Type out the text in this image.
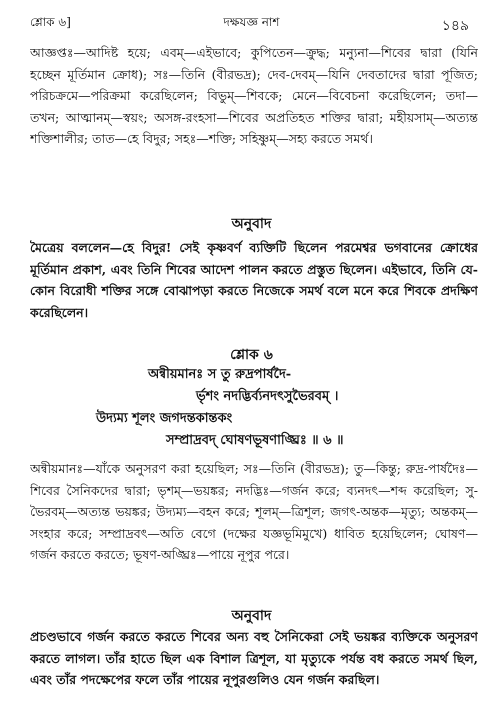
শ্লোক ৬]	দক্ষযজ্ঞ নাশ	১৪৯
আজ্ঞপ্তঃ—আদিষ্ট হয়ে; এবম্—এইভাবে; কুপিতেন—ক্রুদ্ধ; মন্যুনা—শিবের দ্বারা (যিনি হচ্ছেন মূর্তিমান ক্রোধ); সঃ—তিনি (বীরভদ্র); দেব-দেবম্—যিনি দেবতাদের দ্বারা পূজিত; পরিচক্রমে—পরিক্রমা করেছিলেন; বিভুম্—শিবকে; মেনে—বিবেচনা করেছিলেন; তদা—তখন; আত্মানম্—স্বয়ং; অসঙ্গ-রংহসা—শিবের অপ্রতিহত শক্তির দ্বারা; মহীয়সাম্—অত্যন্ত শক্তিশালীর; তাত—হে বিদুর; সহঃ—শক্তি; সহিষ্ণুম্—সহ্য করতে সমর্থ।
অনুবাদ
মৈত্রেয় বললেন—হে বিদুর! সেই কৃষ্ণবর্ণ ব্যক্তিটি ছিলেন পরমেশ্বর ভগবানের ক্রোধের মূর্তিমান প্রকাশ, এবং তিনি শিবের আদেশ পালন করতে প্রস্তুত ছিলেন। এইভাবে, তিনি যে-কোন বিরোধী শক্তির সঙ্গে বোঝাপড়া করতে নিজেকে সমর্থ বলে মনে করে শিবকে প্রদক্ষিণ করেছিলেন।
শ্লোক ৬
অন্বীয়মানঃ স তু রুদ্রপার্ষদৈ-
র্ভৃশং নদদ্ভির্ব্যনদৎসুভৈরবম্ ।
উদ্যম্য শূলং জগদন্তকান্তকং
সম্প্রাদ্রবদ্ ঘোষণভূষণাঙ্ঘ্রিঃ ॥ ৬ ॥
অন্বীয়মানঃ—যাঁকে অনুসরণ করা হয়েছিল; সঃ—তিনি (বীরভদ্র); তু—কিন্তু; রুদ্র-পার্ষদৈঃ—শিবের সৈনিকদের দ্বারা; ভৃশম্—ভয়ঙ্কর; নদদ্ভিঃ—গর্জন করে; ব্যনদৎ—শব্দ করেছিল; সু-ভৈরবম্—অত্যন্ত ভয়ঙ্কর; উদ্যম্য—বহন করে; শূলম্—ত্রিশূল; জগৎ-অন্তক—মৃত্যু; অন্তকম্—সংহার করে; সম্প্রাদ্রবৎ—অতি বেগে (দক্ষের যজ্ঞভূমিমুখে) ধাবিত হয়েছিলেন; ঘোষণ—গর্জন করতে করতে; ভূষণ-অঙ্ঘ্রিঃ—পায়ে নূপুর পরে।
অনুবাদ
প্রচণ্ডভাবে গর্জন করতে করতে শিবের অন্য বহু সৈনিকেরা সেই ভয়ঙ্কর ব্যক্তিকে অনুসরণ করতে লাগল। তাঁর হাতে ছিল এক বিশাল ত্রিশূল, যা মৃত্যুকে পর্যন্ত বধ করতে সমর্থ ছিল, এবং তাঁর পদক্ষেপের ফলে তাঁর পায়ের নূপুরগুলিও যেন গর্জন করছিল।
